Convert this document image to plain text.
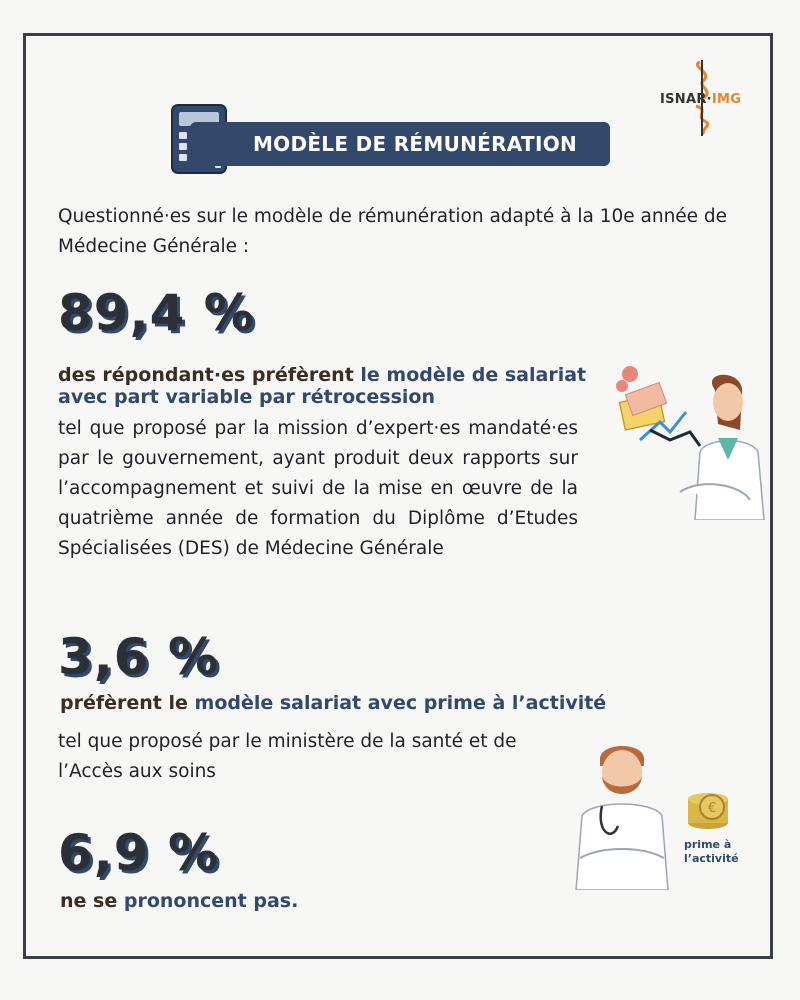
ISNAR·IMG
MODÈLE DE RÉMUNÉRATION
Questionné·es sur le modèle de rémunération adapté à la 10e année de Médecine Générale :
89,4 %
des répondant·es préfèrent le modèle de salariat avec part variable par rétrocession
tel que proposé par la mission d’expert·es mandaté·es par le gouvernement, ayant produit deux rapports sur l’accompagnement et suivi de la mise en œuvre de la quatrième année de formation du Diplôme d’Etudes Spécialisées (DES) de Médecine Générale
3,6 %
préfèrent le modèle salariat avec prime à l’activité
tel que proposé par le ministère de la santé et de l’Accès aux soins
€
prime à
l’activité
6,9 %
ne se prononcent pas.
